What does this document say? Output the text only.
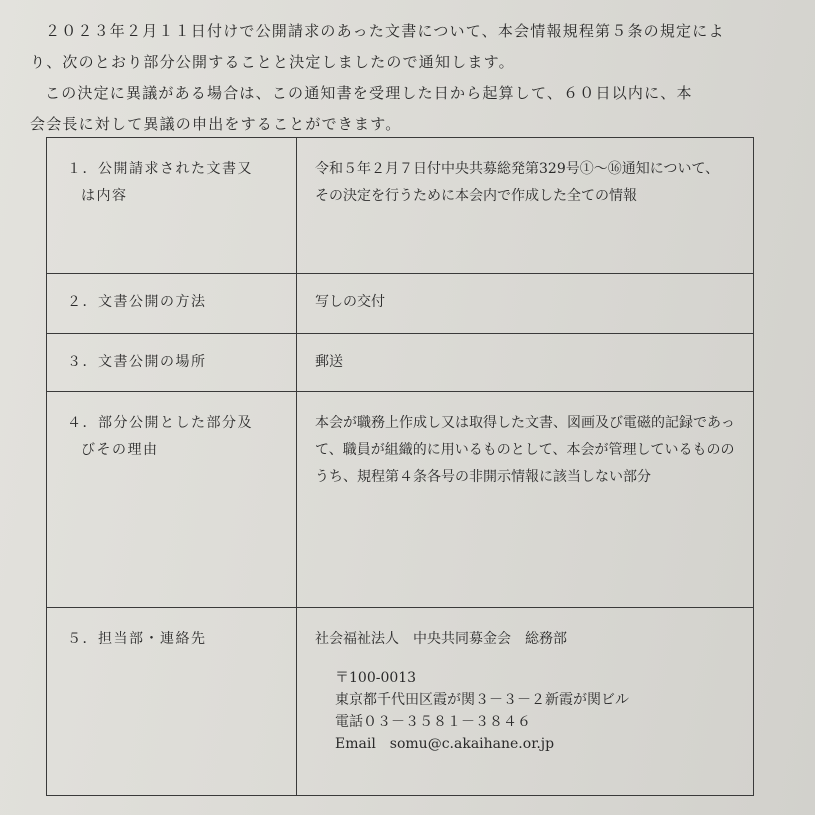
２０２３年２月１１日付けで公開請求のあった文書について、本会情報規程第５条の規定によ

り、次のとおり部分公開することと決定しましたので通知します。

この決定に異議がある場合は、この通知書を受理した日から起算して、６０日以内に、本

会会長に対して異議の申出をすることができます。
１．公開請求された文書又
は内容	令和５年２月７日付中央共募総発第329号①～⑯通知について、
その決定を行うために本会内で作成した全ての情報

２．文書公開の方法	写しの交付

３．文書公開の場所	郵送

４．部分公開とした部分及
びその理由	本会が職務上作成し又は取得した文書、図画及び電磁的記録であっ
て、職員が組織的に用いるものとして、本会が管理しているものの
うち、規程第４条各号の非開示情報に該当しない部分

５．担当部・連絡先	社会福祉法人　中央共同募金会　総務部
〒100-0013
東京都千代田区霞が関３－３－２新霞が関ビル
電話０３－３５８１－３８４６
Email　somu@c.akaihane.or.jp
